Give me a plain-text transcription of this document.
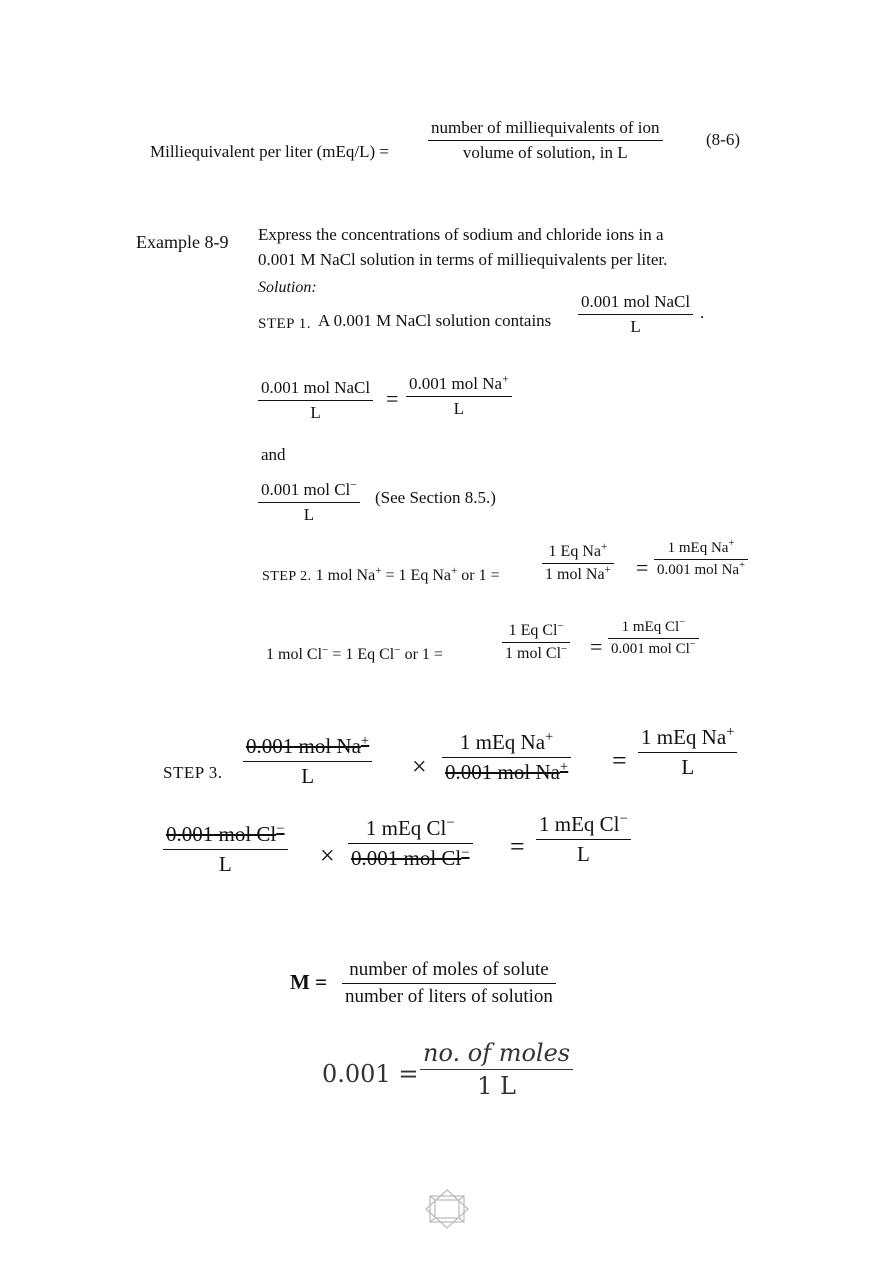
Milliequivalent per liter (mEq/L) =
number of milliequivalents of ion
volume of solution, in L
(8-6)
Example 8-9 Express the concentrations of sodium and chloride ions in a
0.001 M NaCl solution in terms of milliequivalents per liter.
Solution:
STEP 1. A 0.001 M NaCl solution contains
0.001 mol NaCl
L
.
0.001 mol NaCl
L
=
0.001 mol Na+
L
and
0.001 mol Cl−
L
(See Section 8.5.)
STEP 2. 1 mol Na+ = 1 Eq Na+ or 1 =
1 Eq Na+
1 mol Na+ =
1 mEq Na+
0.001 mol Na+
1 mol Cl− = 1 Eq Cl− or 1 =
1 Eq Cl−
1 mol Cl− =
1 mEq Cl−
0.001 mol Cl−
STEP 3.
0.001 mol Na+
L	×
1 mEq Na+
0.001 mol Na+ =
1 mEq Na+
L
0.001 mol Cl−
L	×
1 mEq Cl−
0.001 mol Cl− =
1 mEq Cl−
L
M =
number of moles of solute
number of liters of solution
0.001 =
no. of moles
1 L
